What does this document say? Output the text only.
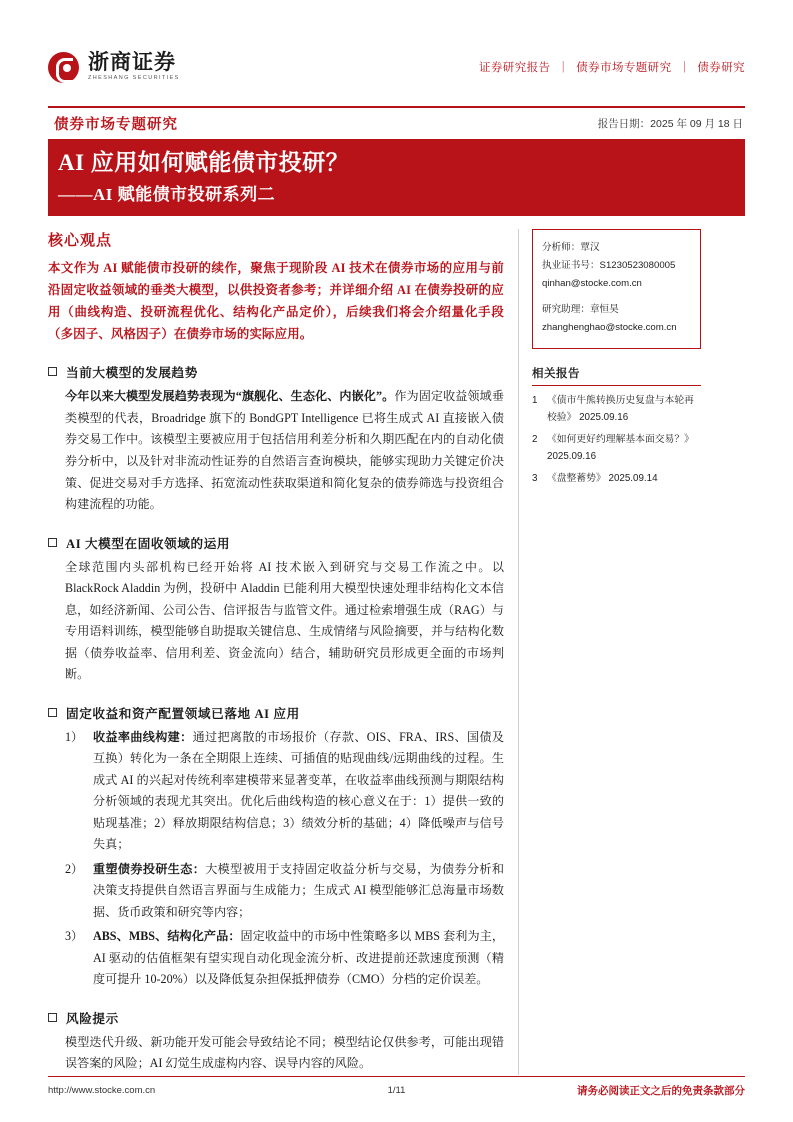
浙商证券
ZHESHANG SECURITIES
证券研究报告 ｜ 债券市场专题研究 ｜ 债券研究
债券市场专题研究	报告日期：2025 年 09 月 18 日
AI 应用如何赋能债市投研？
——AI 赋能债市投研系列二
核心观点
本文作为 AI 赋能债市投研的续作，聚焦于现阶段 AI 技术在债券市场的应用与前沿固定收益领域的垂类大模型，以供投资者参考；并详细介绍 AI 在债券投研的应用（曲线构造、投研流程优化、结构化产品定价），后续我们将会介绍量化手段（多因子、风格因子）在债券市场的实际应用。
当前大模型的发展趋势
今年以来大模型发展趋势表现为“旗舰化、生态化、内嵌化”。作为固定收益领域垂类模型的代表，Broadridge 旗下的 BondGPT Intelligence 已将生成式 AI 直接嵌入债券交易工作中。该模型主要被应用于包括信用利差分析和久期匹配在内的自动化债券分析中，以及针对非流动性证券的自然语言查询模块，能够实现助力关键定价决策、促进交易对手方选择、拓宽流动性获取渠道和简化复杂的债券筛选与投资组合构建流程的功能。
AI 大模型在固收领域的运用
全球范围内头部机构已经开始将 AI 技术嵌入到研究与交易工作流之中。以 BlackRock Aladdin 为例，投研中 Aladdin 已能利用大模型快速处理非结构化文本信息，如经济新闻、公司公告、信评报告与监管文件。通过检索增强生成（RAG）与专用语料训练，模型能够自助提取关键信息、生成情绪与风险摘要，并与结构化数据（债券收益率、信用利差、资金流向）结合，辅助研究员形成更全面的市场判断。
固定收益和资产配置领域已落地 AI 应用
1） 收益率曲线构建：通过把离散的市场报价（存款、OIS、FRA、IRS、国债及互换）转化为一条在全期限上连续、可插值的贴现曲线/远期曲线的过程。生成式 AI 的兴起对传统利率建模带来显著变革，在收益率曲线预测与期限结构分析领域的表现尤其突出。优化后曲线构造的核心意义在于：1）提供一致的贴现基准；2）释放期限结构信息；3）绩效分析的基础；4）降低噪声与信号失真；
2） 重塑债券投研生态：大模型被用于支持固定收益分析与交易，为债券分析和决策支持提供自然语言界面与生成能力；生成式 AI 模型能够汇总海量市场数据、货币政策和研究等内容；
3） ABS、MBS、结构化产品：固定收益中的市场中性策略多以 MBS 套利为主，AI 驱动的估值框架有望实现自动化现金流分析、改进提前还款速度预测（精度可提升 10-20%）以及降低复杂担保抵押债券（CMO）分档的定价误差。
风险提示
模型迭代升级、新功能开发可能会导致结论不同；模型结论仅供参考，可能出现错误答案的风险；AI 幻觉生成虚构内容、误导内容的风险。
分析师：覃汉
执业证书号：S1230523080005
qinhan@stocke.com.cn
研究助理：章恒昊
zhanghenghao@stocke.com.cn
相关报告
1 《债市牛熊转换历史复盘与本轮再校验》 2025.09.16
2 《如何更好约理解基本面交易？》 2025.09.16
3 《盘整蓄势》 2025.09.14
http://www.stocke.com.cn	1/11	请务必阅读正文之后的免责条款部分
